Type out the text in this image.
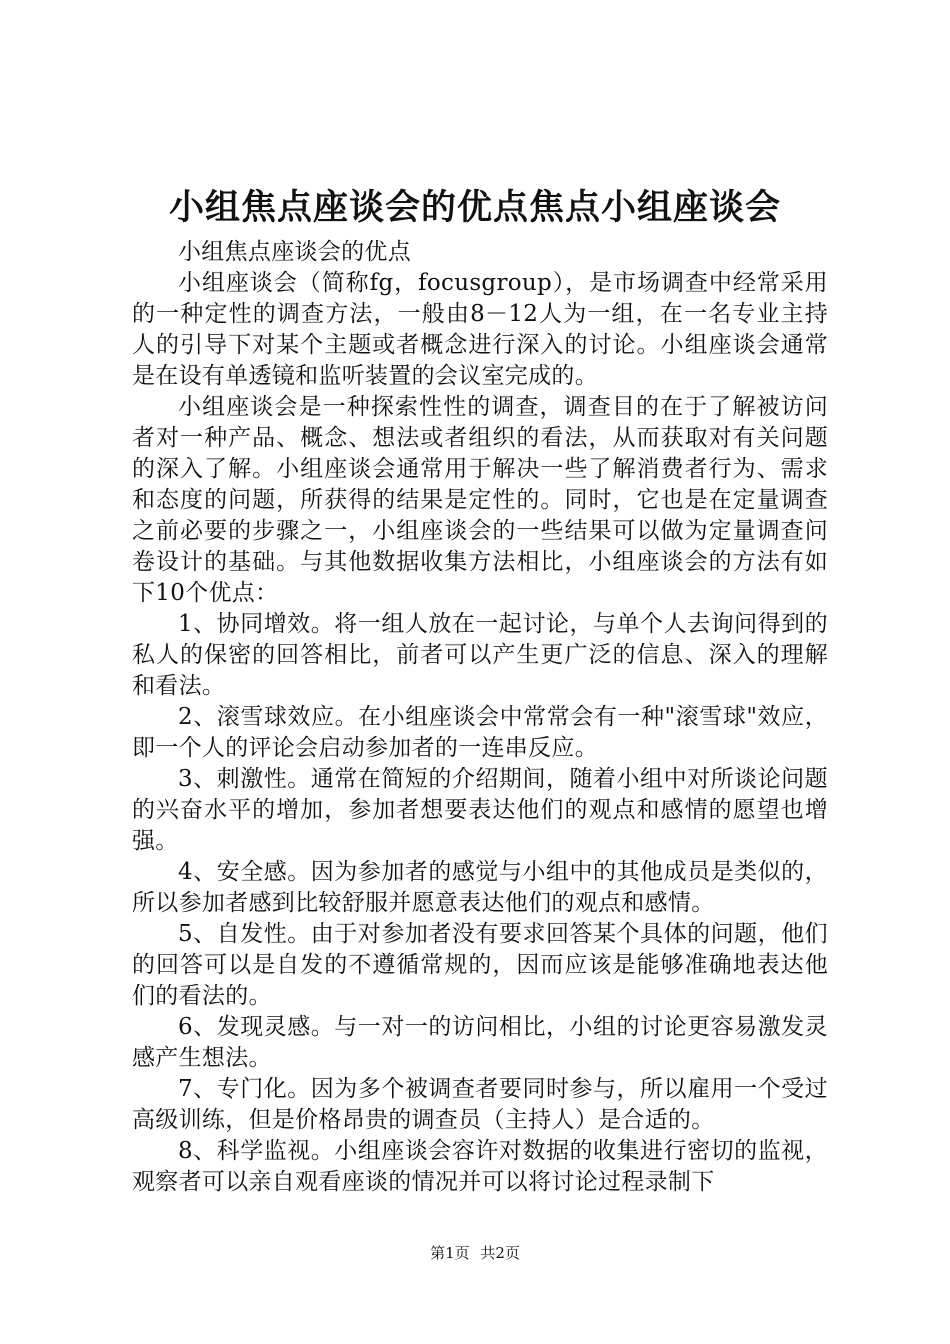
小组焦点座谈会的优点焦点小组座谈会

小组焦点座谈会的优点

小组座谈会（简称fg，focusgroup），是市场调查中经常采用的一种定性的调查方法，一般由8－12人为一组，在一名专业主持人的引导下对某个主题或者概念进行深入的讨论。小组座谈会通常是在设有单透镜和监听装置的会议室完成的。

小组座谈会是一种探索性性的调查，调查目的在于了解被访问者对一种产品、概念、想法或者组织的看法，从而获取对有关问题的深入了解。小组座谈会通常用于解决一些了解消费者行为、需求和态度的问题，所获得的结果是定性的。同时，它也是在定量调查之前必要的步骤之一，小组座谈会的一些结果可以做为定量调查问卷设计的基础。与其他数据收集方法相比，小组座谈会的方法有如下10个优点：

1、协同增效。将一组人放在一起讨论，与单个人去询问得到的私人的保密的回答相比，前者可以产生更广泛的信息、深入的理解和看法。

2、滚雪球效应。在小组座谈会中常常会有一种"滚雪球"效应，即一个人的评论会启动参加者的一连串反应。

3、刺激性。通常在简短的介绍期间，随着小组中对所谈论问题的兴奋水平的增加，参加者想要表达他们的观点和感情的愿望也增强。

4、安全感。因为参加者的感觉与小组中的其他成员是类似的，所以参加者感到比较舒服并愿意表达他们的观点和感情。

5、自发性。由于对参加者没有要求回答某个具体的问题，他们的回答可以是自发的不遵循常规的，因而应该是能够准确地表达他们的看法的。

6、发现灵感。与一对一的访问相比，小组的讨论更容易激发灵感产生想法。

7、专门化。因为多个被调查者要同时参与，所以雇用一个受过高级训练，但是价格昂贵的调查员（主持人）是合适的。

8、科学监视。小组座谈会容许对数据的收集进行密切的监视，观察者可以亲自观看座谈的情况并可以将讨论过程录制下

第1页 共2页
